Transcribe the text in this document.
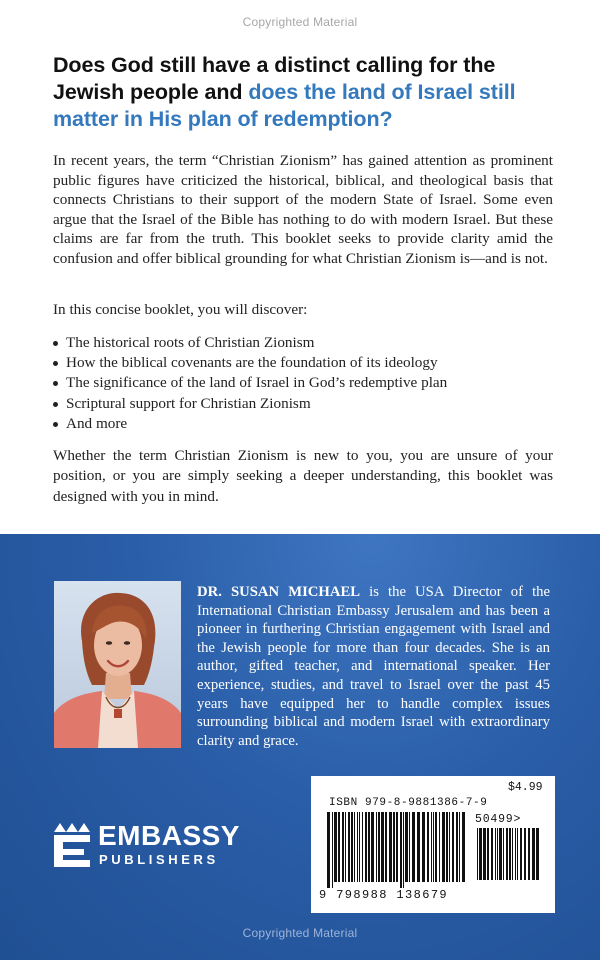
Copyrighted Material
Does God still have a distinct calling for the Jewish people and does the land of Israel still matter in His plan of redemption?

In recent years, the term “Christian Zionism” has gained attention as prominent public figures have criticized the historical, biblical, and theological basis that connects Christians to their support of the modern State of Israel. Some even argue that the Israel of the Bible has nothing to do with modern Israel. But these claims are far from the truth. This booklet seeks to provide clarity amid the confusion and offer biblical grounding for what Christian Zionism is—and is not.

In this concise booklet, you will discover:

The historical roots of Christian Zionism
How the biblical covenants are the foundation of its ideology
The significance of the land of Israel in God’s redemptive plan
Scriptural support for Christian Zionism
And more

Whether the term Christian Zionism is new to you, you are unsure of your position, or you are simply seeking a deeper understanding, this booklet was designed with you in mind.

DR. SUSAN MICHAEL is the USA Director of the International Christian Embassy Jerusalem and has been a pioneer in furthering Christian engagement with Israel and the Jewish people for more than four decades. She is an author, gifted teacher, and international speaker. Her experience, studies, and travel to Israel over the past 45 years have equipped her to handle complex issues surrounding biblical and modern Israel with extraordinary clarity and grace.

EMBASSY
PUBLISHERS
$4.99
ISBN 979-8-9881386-7-9
50499>
9 798988 138679
Copyrighted Material
